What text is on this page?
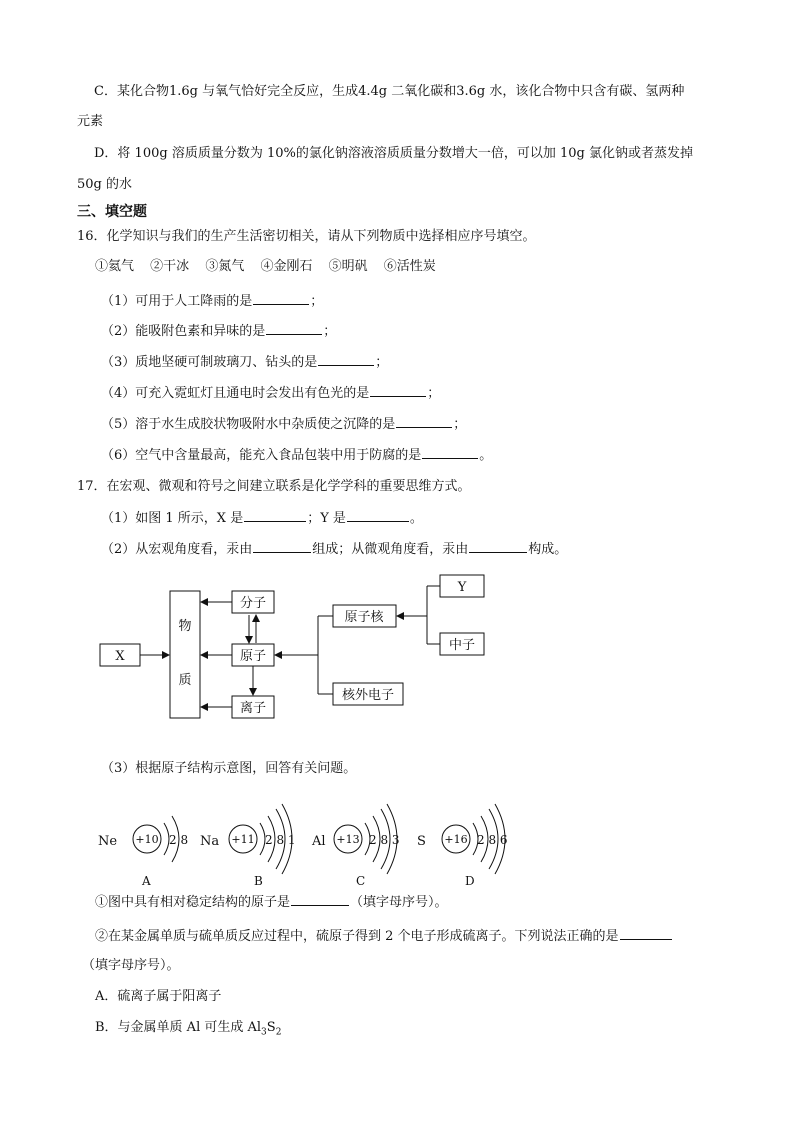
C．某化合物1.6g 与氧气恰好完全反应，生成4.4g 二氧化碳和3.6g 水，该化合物中只含有碳、氢两种
元素
D．将 100g 溶质质量分数为 10%的氯化钠溶液溶质质量分数增大一倍，可以加 10g 氯化钠或者蒸发掉
50g 的水
三、填空题
16．化学知识与我们的生产生活密切相关，请从下列物质中选择相应序号填空。
①氦气 ②干冰 ③氮气 ④金刚石 ⑤明矾 ⑥活性炭
（1）可用于人工降雨的是	；
（2）能吸附色素和异味的是	；
（3）质地坚硬可制玻璃刀、钻头的是	；
（4）可充入霓虹灯且通电时会发出有色光的是	；
（5）溶于水生成胶状物吸附水中杂质使之沉降的是	；
（6）空气中含量最高，能充入食品包装中用于防腐的是	。
17．在宏观、微观和符号之间建立联系是化学学科的重要思维方式。
（1）如图 1 所示，X 是	；Y 是	。
（2）从宏观角度看，汞由	组成；从微观角度看，汞由	构成。
X
物
质
分子
原子
离子
原子核
核外电子
Y
中子
（3）根据原子结构示意图，回答有关问题。
Ne +10 2 8
A
Na +11 2 8 1
B
Al +13 2 8 3
C
S +16 2 8 6
D
①图中具有相对稳定结构的原子是	（填字母序号）。
②在某金属单质与硫单质反应过程中，硫原子得到 2 个电子形成硫离子。下列说法正确的是
（填字母序号）。
A．硫离子属于阳离子
B．与金属单质 Al 可生成 $Al_3S_2$
